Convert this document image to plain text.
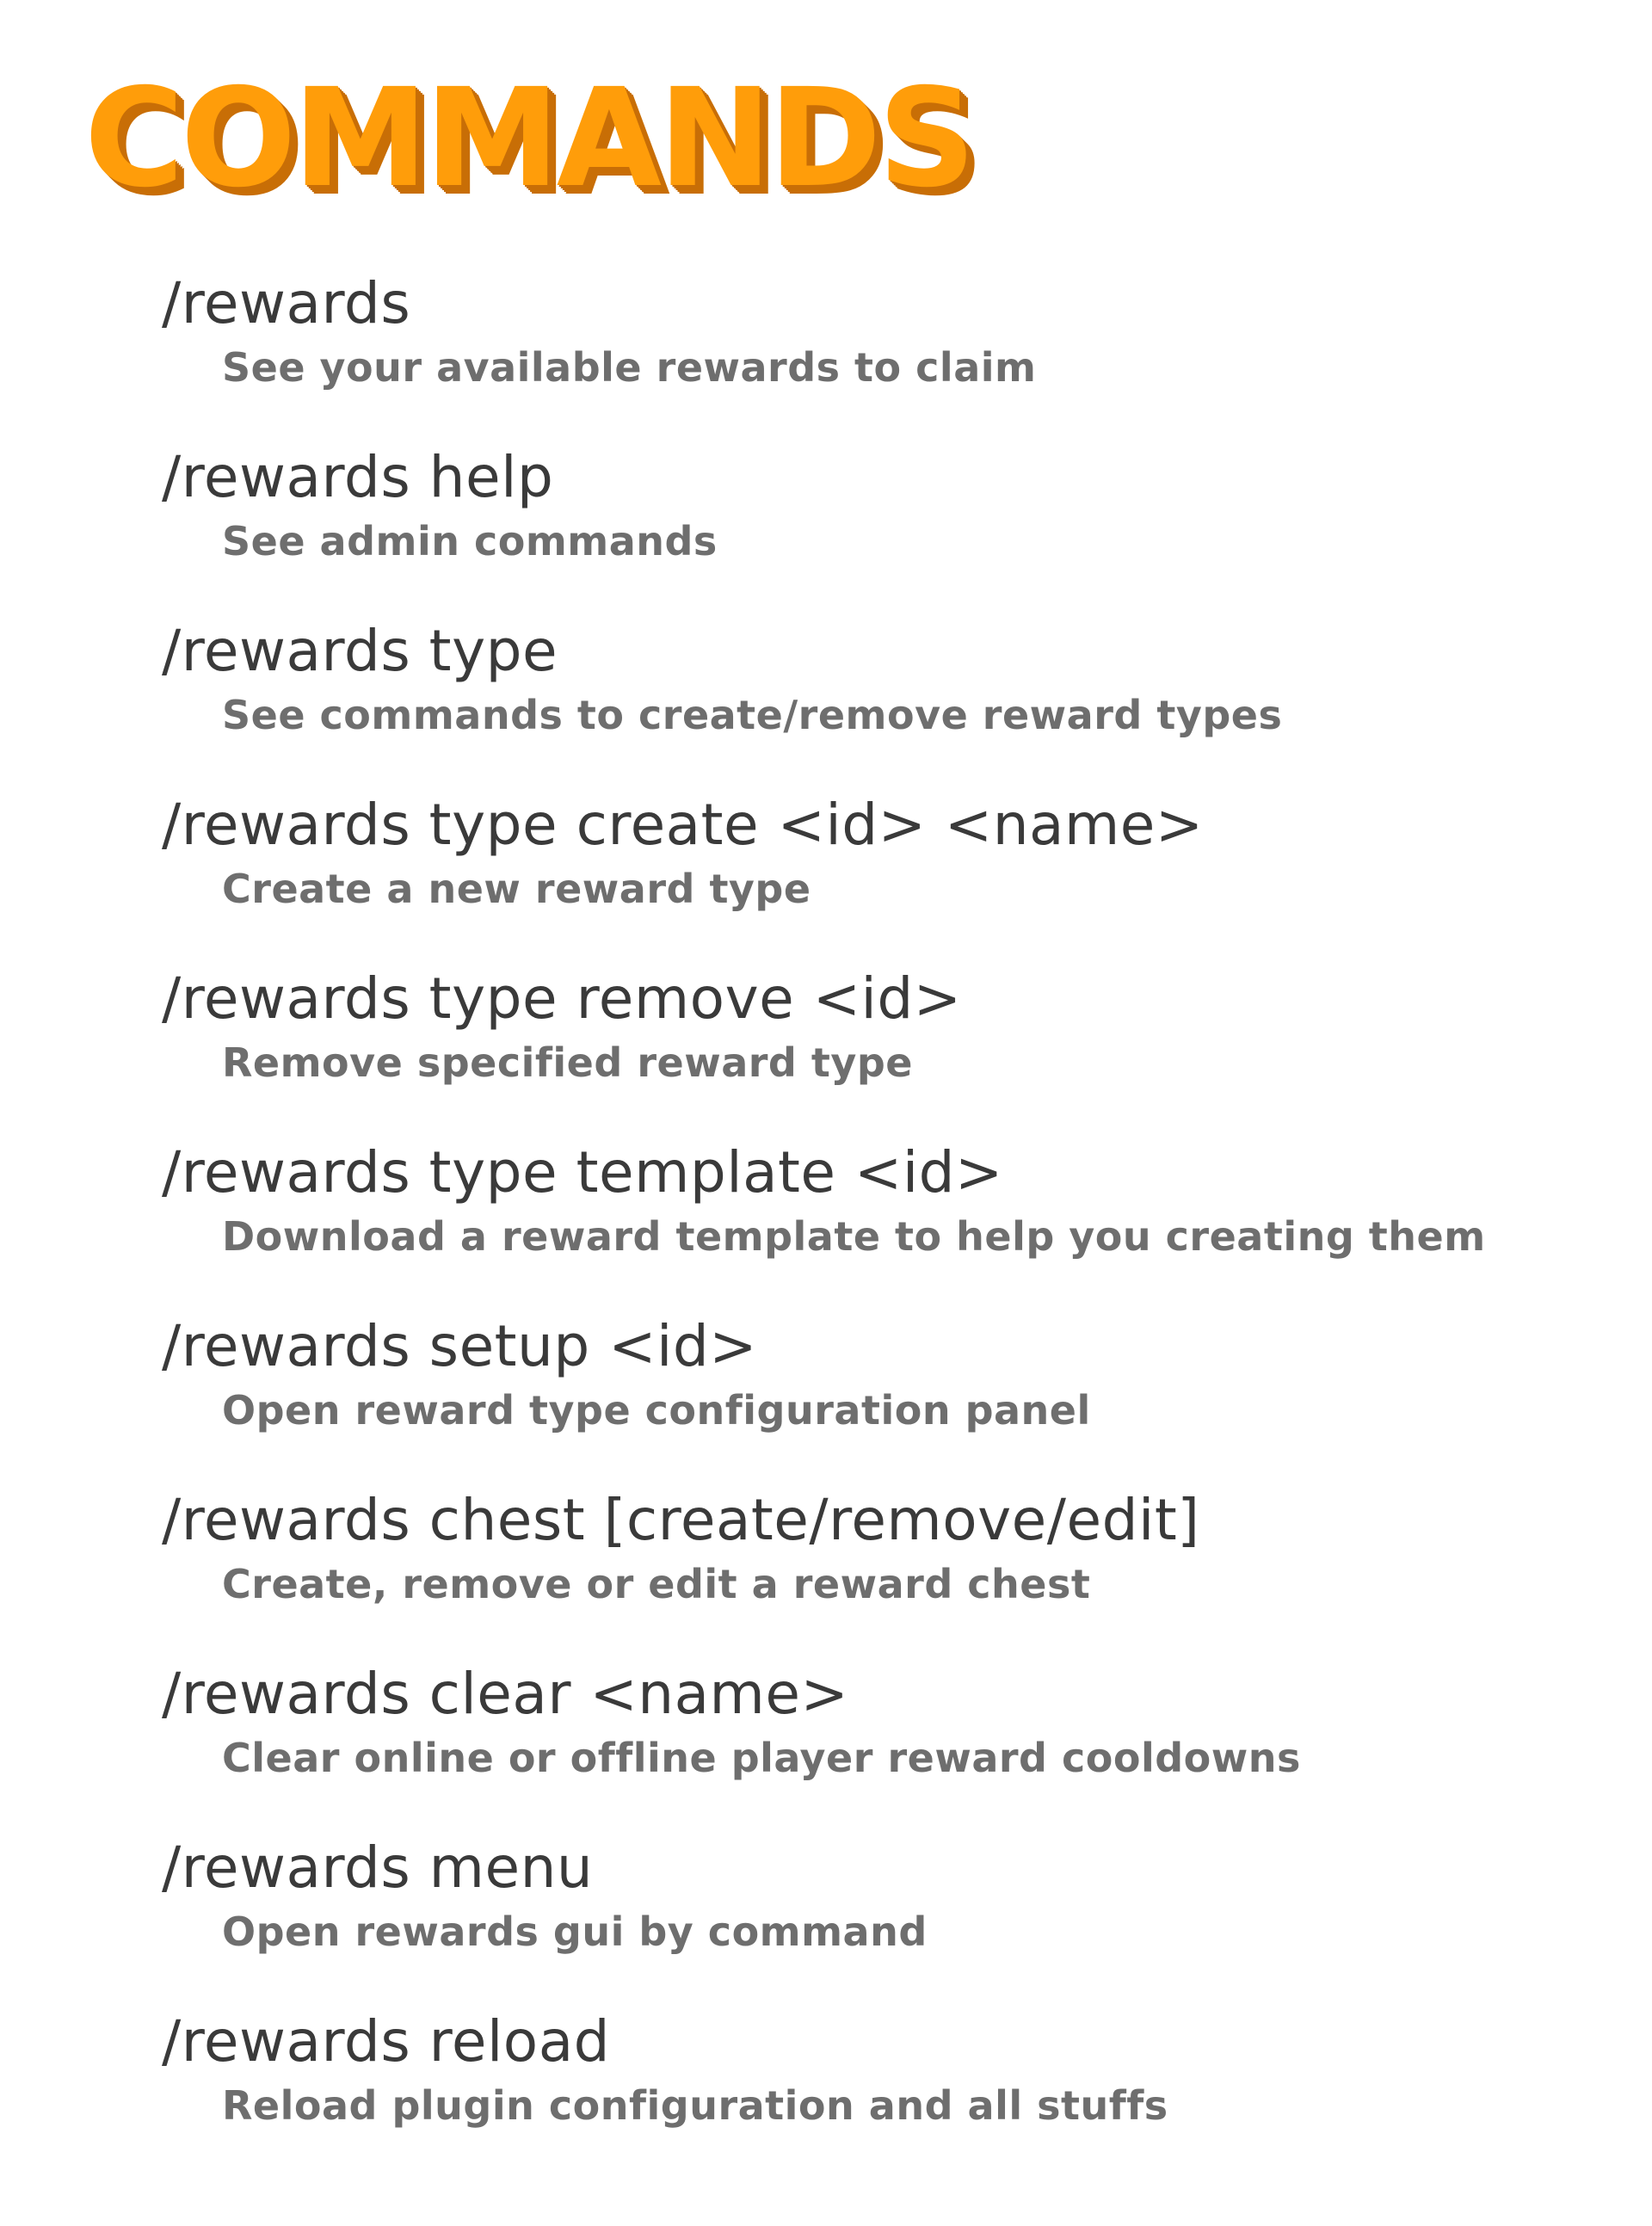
COMMANDS
/rewards
See your available rewards to claim
/rewards help
See admin commands
/rewards type
See commands to create/remove reward types
/rewards type create <id> <name>
Create a new reward type
/rewards type remove <id>
Remove specified reward type
/rewards type template <id>
Download a reward template to help you creating them
/rewards setup <id>
Open reward type configuration panel
/rewards chest [create/remove/edit]
Create, remove or edit a reward chest
/rewards clear <name>
Clear online or offline player reward cooldowns
/rewards menu
Open rewards gui by command
/rewards reload
Reload plugin configuration and all stuffs
